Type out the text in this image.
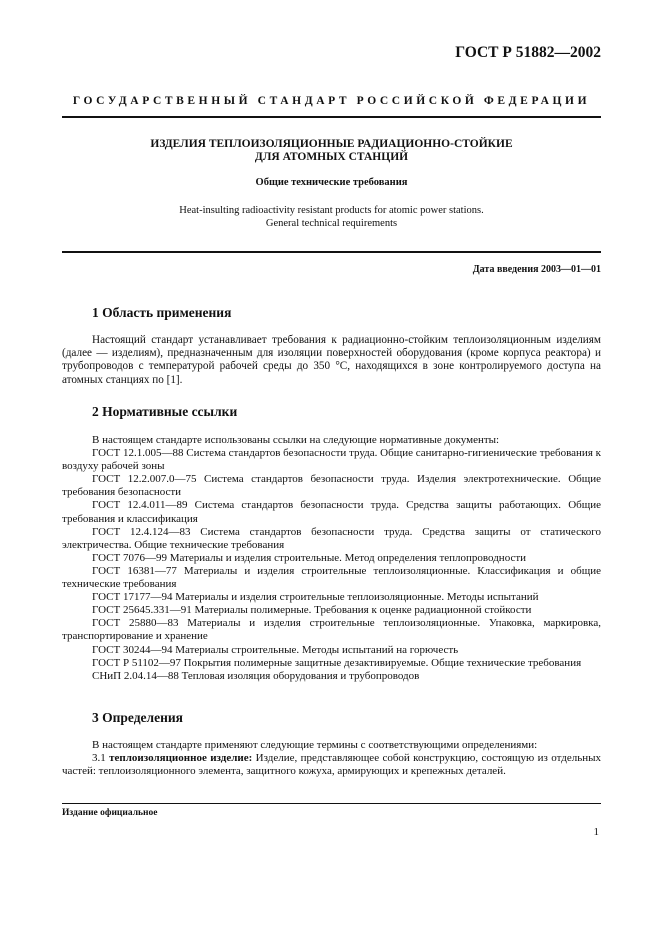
ГОСТ Р 51882—2002
ГОСУДАРСТВЕННЫЙ СТАНДАРТ РОССИЙСКОЙ ФЕДЕРАЦИИ
ИЗДЕЛИЯ ТЕПЛОИЗОЛЯЦИОННЫЕ РАДИАЦИОННО-СТОЙКИЕ
ДЛЯ АТОМНЫХ СТАНЦИЙ
Общие технические требования
Heat-insulting radioactivity resistant products for atomic power stations.
General technical requirements
Дата введения 2003—01—01
1 Область применения
Настоящий стандарт устанавливает требования к радиационно-стойким теплоизоляционным изделиям (далее — изделиям), предназначенным для изоляции поверхностей оборудования (кроме корпуса реактора) и трубопроводов с температурой рабочей среды до 350 °С, находящихся в зоне контролируемого доступа на атомных станциях по [1].
2 Нормативные ссылки

В настоящем стандарте использованы ссылки на следующие нормативные документы:

ГОСТ 12.1.005—88 Система стандартов безопасности труда. Общие санитарно-гигиенические требования к воздуху рабочей зоны

ГОСТ 12.2.007.0—75 Система стандартов безопасности труда. Изделия электротехнические. Общие требования безопасности

ГОСТ 12.4.011—89 Система стандартов безопасности труда. Средства защиты работающих. Общие требования и классификация

ГОСТ 12.4.124—83 Система стандартов безопасности труда. Средства защиты от статического электричества. Общие технические требования

ГОСТ 7076—99 Материалы и изделия строительные. Метод определения теплопроводности

ГОСТ 16381—77 Материалы и изделия строительные теплоизоляционные. Классификация и общие технические требования

ГОСТ 17177—94 Материалы и изделия строительные теплоизоляционные. Методы испытаний

ГОСТ 25645.331—91 Материалы полимерные. Требования к оценке радиационной стойкости

ГОСТ 25880—83 Материалы и изделия строительные теплоизоляционные. Упаковка, маркировка, транспортирование и хранение

ГОСТ 30244—94 Материалы строительные. Методы испытаний на горючесть

ГОСТ Р 51102—97 Покрытия полимерные защитные дезактивируемые. Общие технические требования

СНиП 2.04.14—88 Тепловая изоляция оборудования и трубопроводов

3 Определения

В настоящем стандарте применяют следующие термины с соответствующими определениями:

3.1 теплоизоляционное изделие: Изделие, представляющее собой конструкцию, состоящую из отдельных частей: теплоизоляционного элемента, защитного кожуха, армирующих и крепежных деталей.

Издание официальное
1
